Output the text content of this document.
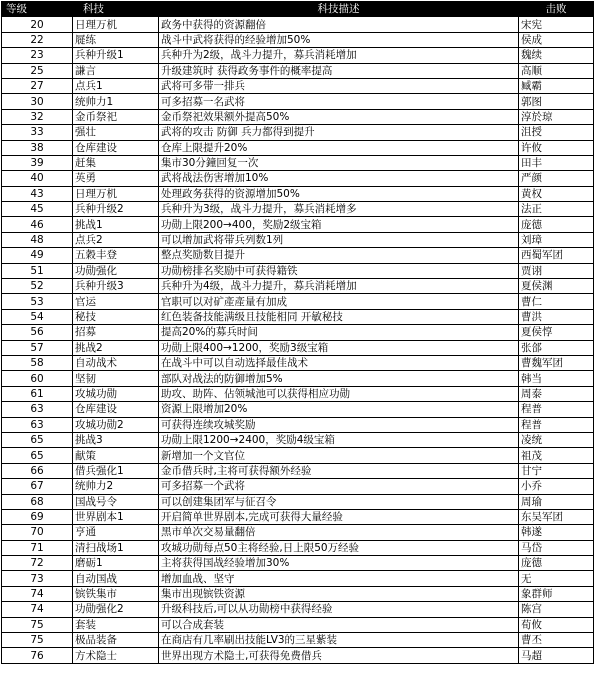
等级	科技	科技描述	击败
20	日理万机	政务中获得的资源翻倍	宋宪
22	屣练	战斗中武将获得的经验增加50%	侯成
23	兵种升级1	兵种升为2级，战斗力提升，募兵消耗增加	魏续
25	謙言	升级建筑时 获得政务事件的概率提高	高顺
27	点兵1	武将可多带一排兵	臧霸
30	统帅力1	可多招募一名武将	郭图
32	金币祭祀	金币祭祀效果额外提高50%	淳於琼
33	强壮	武将的攻击 防御 兵力都得到提升	沮授
38	仓库建设	仓库上限提升20%	许攸
39	赶集	集市30分鐘回复一次	田丰
40	英勇	武将战法伤害增加10%	严颜
43	日理万机	处理政务获得的资源增加50%	黄权
45	兵种升级2	兵种升为3级，战斗力提升，募兵消耗增多	法正
46	挑战1	功勋上限200→400，奖励2级宝箱	庞德
48	点兵2	可以增加武将带兵列数1列	刘璋
49	五穀丰登	整点奖励数目提升	西蜀军团
51	功勋强化	功勋榜排名奖励中可获得籍铁	贾诩
52	兵种升级3	兵种升为4级，战斗力提升，募兵消耗增加	夏侯渊
53	官运	官职可以对矿產產量有加成	曹仁
54	秘技	红色装备技能满级且技能相同 开敏秘技	曹洪
56	招募	提高20%的募兵时间	夏侯惇
57	挑战2	功勋上限400→1200，奖励3级宝箱	张郃
58	自动战术	在战斗中可以自动选择最佳战术	曹魏军团
60	坚韧	部队对战法的防御增加5%	韩当
61	攻城功勋	助攻、助阵、佔领城池可以获得相应功勋	周泰
63	仓库建设	资源上限增加20%	程普
63	攻城功勋2	可获得连续攻城奖励	程普
65	挑战3	功勋上限1200→2400，奖励4级宝箱	凌统
65	献策	新增加一个文官位	祖茂
66	借兵强化1	金币借兵时,主将可获得额外经验	甘宁
67	统帅力2	可多招募一个武将	小乔
68	国战号令	可以创建集团军与征召令	周瑜
69	世界剧本1	开启简单世界剧本,完成可获得大量经验	东吴军团
70	亨通	黑市单次交易量翻倍	韩遂
71	清扫战场1	攻城功勋每点50主将经验,日上限50万经验	马岱
72	磨砺1	主将获得国战经验增加30%	庞德
73	自动国战	增加血战、坚守	无
74	镔铁集市	集市出现镔铁资源	象群师
74	功勋强化2	升级科技后,可以从功勋榜中获得经验	陈宫
75	套装	可以合成套装	荀攸
75	极品装备	在商店有几率刷出技能LV3的三星紫装	曹丕
76	方术隐士	世界出现方术隐士,可获得免费借兵	马超
